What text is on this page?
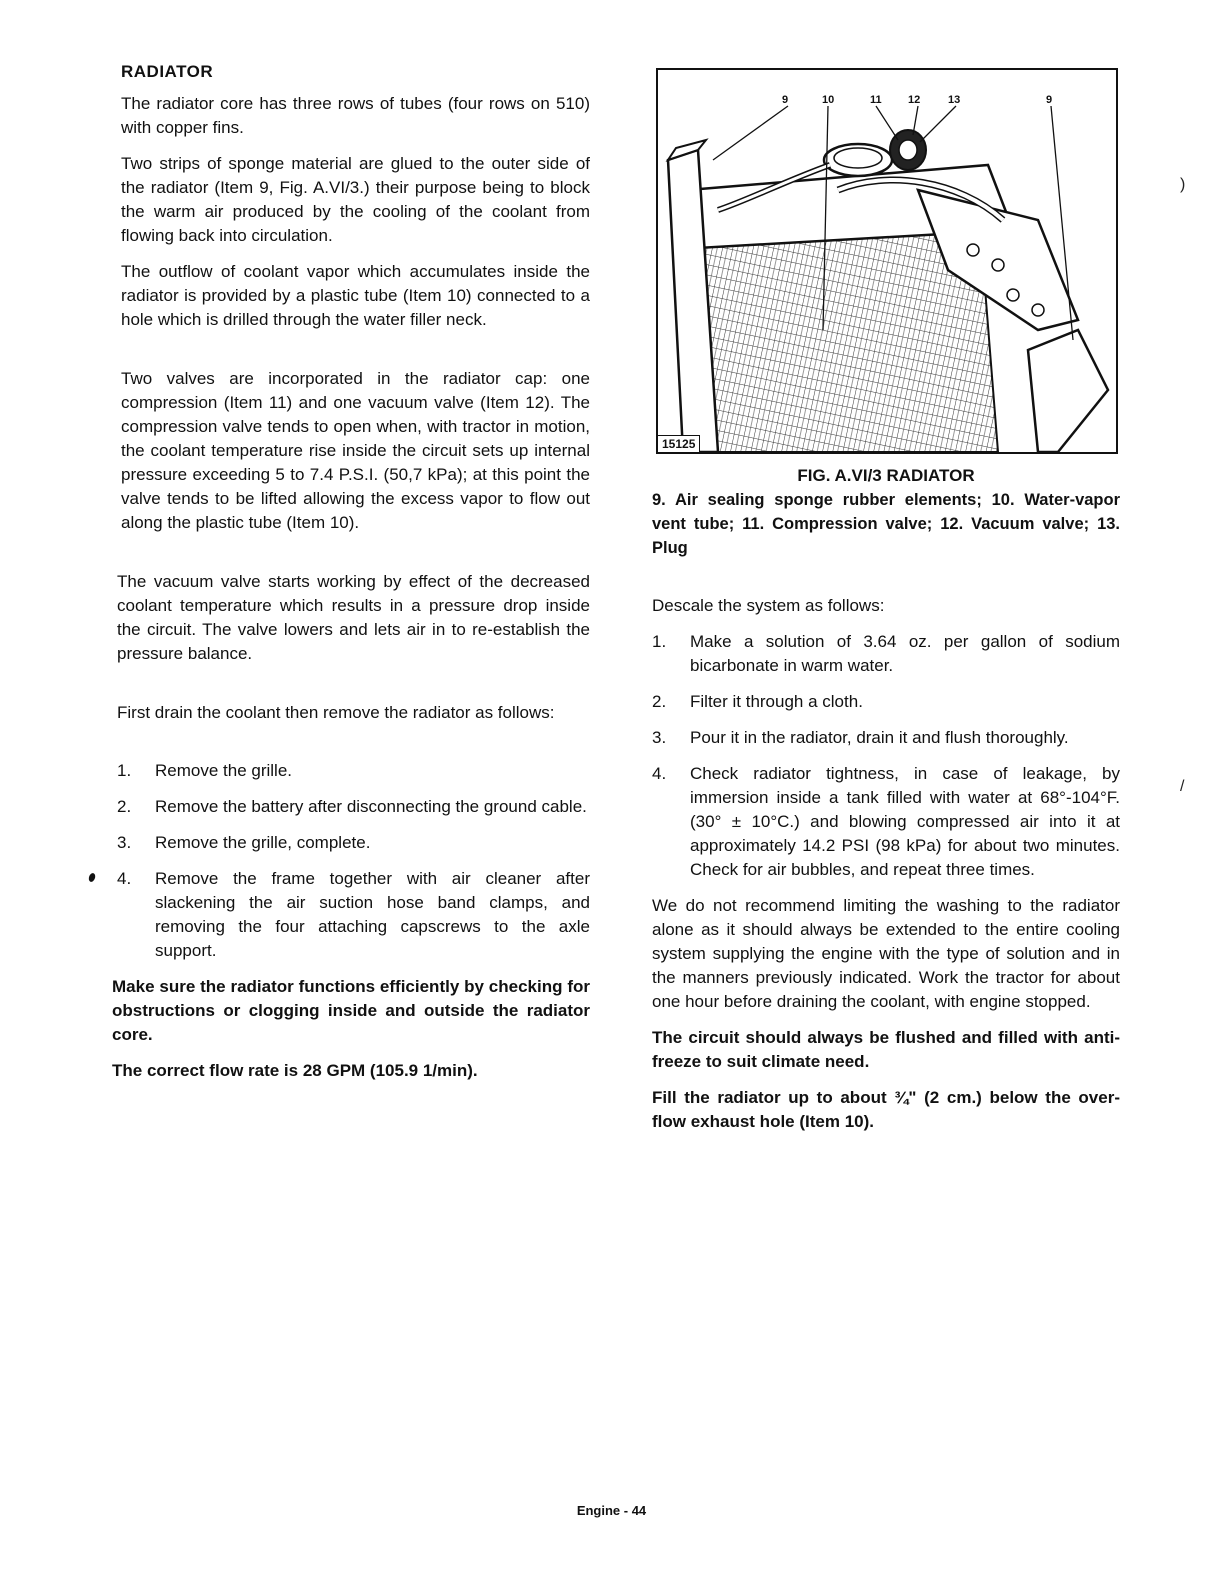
RADIATOR

The radiator core has three rows of tubes (four rows on 510) with copper fins.

Two strips of sponge material are glued to the outer side of the radiator (Item 9, Fig. A.VI/3.) their purpose being to block the warm air produced by the cooling of the coolant from flowing back into circulation.

The outflow of coolant vapor which accumulates inside the radiator is provided by a plastic tube (Item 10) connected to a hole which is drilled through the water filler neck.

Two valves are incorporated in the radiator cap: one compression (Item 11) and one vacuum valve (Item 12). The compression valve tends to open when, with tractor in motion, the coolant temperature rise inside the circuit sets up internal pressure exceeding 5 to 7.4 P.S.I. (50,7 kPa); at this point the valve tends to be lifted allowing the excess vapor to flow out along the plastic tube (Item 10).

The vacuum valve starts working by effect of the decreased coolant temperature which results in a pressure drop inside the circuit. The valve lowers and lets air in to re-establish the pressure balance.

First drain the coolant then remove the radiator as follows:

1. Remove the grille.
2. Remove the battery after disconnecting the ground cable.
3. Remove the grille, complete.
4. Remove the frame together with air cleaner after slackening the air suction hose band clamps, and removing the four attaching capscrews to the axle support.

Make sure the radiator functions efficiently by checking for obstructions or clogging inside and outside the radiator core.

The correct flow rate is 28 GPM (105.9 1/min).

9	10	11 12	13	9
15125
FIG. A.VI/3 RADIATOR
9. Air sealing sponge rubber elements; 10. Water-vapor vent tube; 11. Compression valve; 12. Vacuum valve; 13. Plug

Descale the system as follows:

1. Make a solution of 3.64 oz. per gallon of sodium bicarbonate in warm water.
2. Filter it through a cloth.
3. Pour it in the radiator, drain it and flush thoroughly.
4. Check radiator tightness, in case of leakage, by immersion inside a tank filled with water at 68°-104°F. (30° ± 10°C.) and blowing compressed air into it at approximately 14.2 PSI (98 kPa) for about two minutes. Check for air bubbles, and repeat three times.

We do not recommend limiting the washing to the radiator alone as it should always be extended to the entire cooling system supplying the engine with the type of solution and in the manners previously indicated. Work the tractor for about one hour before draining the coolant, with engine stopped.

The circuit should always be flushed and filled with anti-freeze to suit climate need.

Fill the radiator up to about ¾" (2 cm.) below the over-flow exhaust hole (Item 10).

)
/
Engine - 44
